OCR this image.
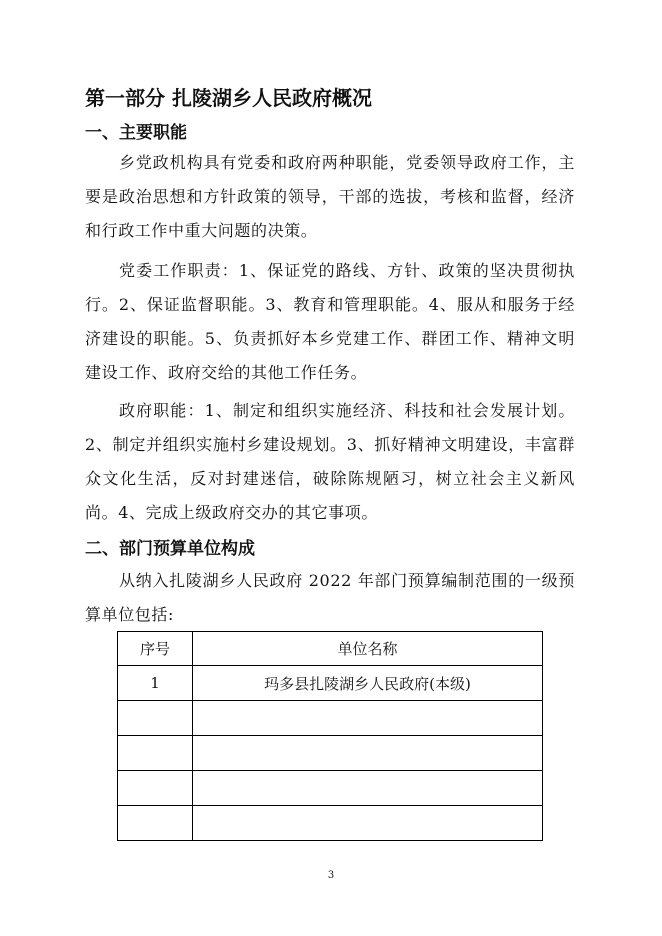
第一部分 扎陵湖乡人民政府概况
一、主要职能
乡党政机构具有党委和政府两种职能，党委领导政府工作，主要是政治思想和方针政策的领导，干部的选拔，考核和监督，经济和行政工作中重大问题的决策。
党委工作职责：1、保证党的路线、方针、政策的坚决贯彻执行。2、保证监督职能。3、教育和管理职能。4、服从和服务于经济建设的职能。5、负责抓好本乡党建工作、群团工作、精神文明建设工作、政府交给的其他工作任务。
政府职能：1、制定和组织实施经济、科技和社会发展计划。2、制定并组织实施村乡建设规划。3、抓好精神文明建设，丰富群众文化生活，反对封建迷信，破除陈规陋习，树立社会主义新风尚。4、完成上级政府交办的其它事项。
二、部门预算单位构成
从纳入扎陵湖乡人民政府 2022 年部门预算编制范围的一级预算单位包括:
序号	单位名称
1	玛多县扎陵湖乡人民政府(本级)

3
